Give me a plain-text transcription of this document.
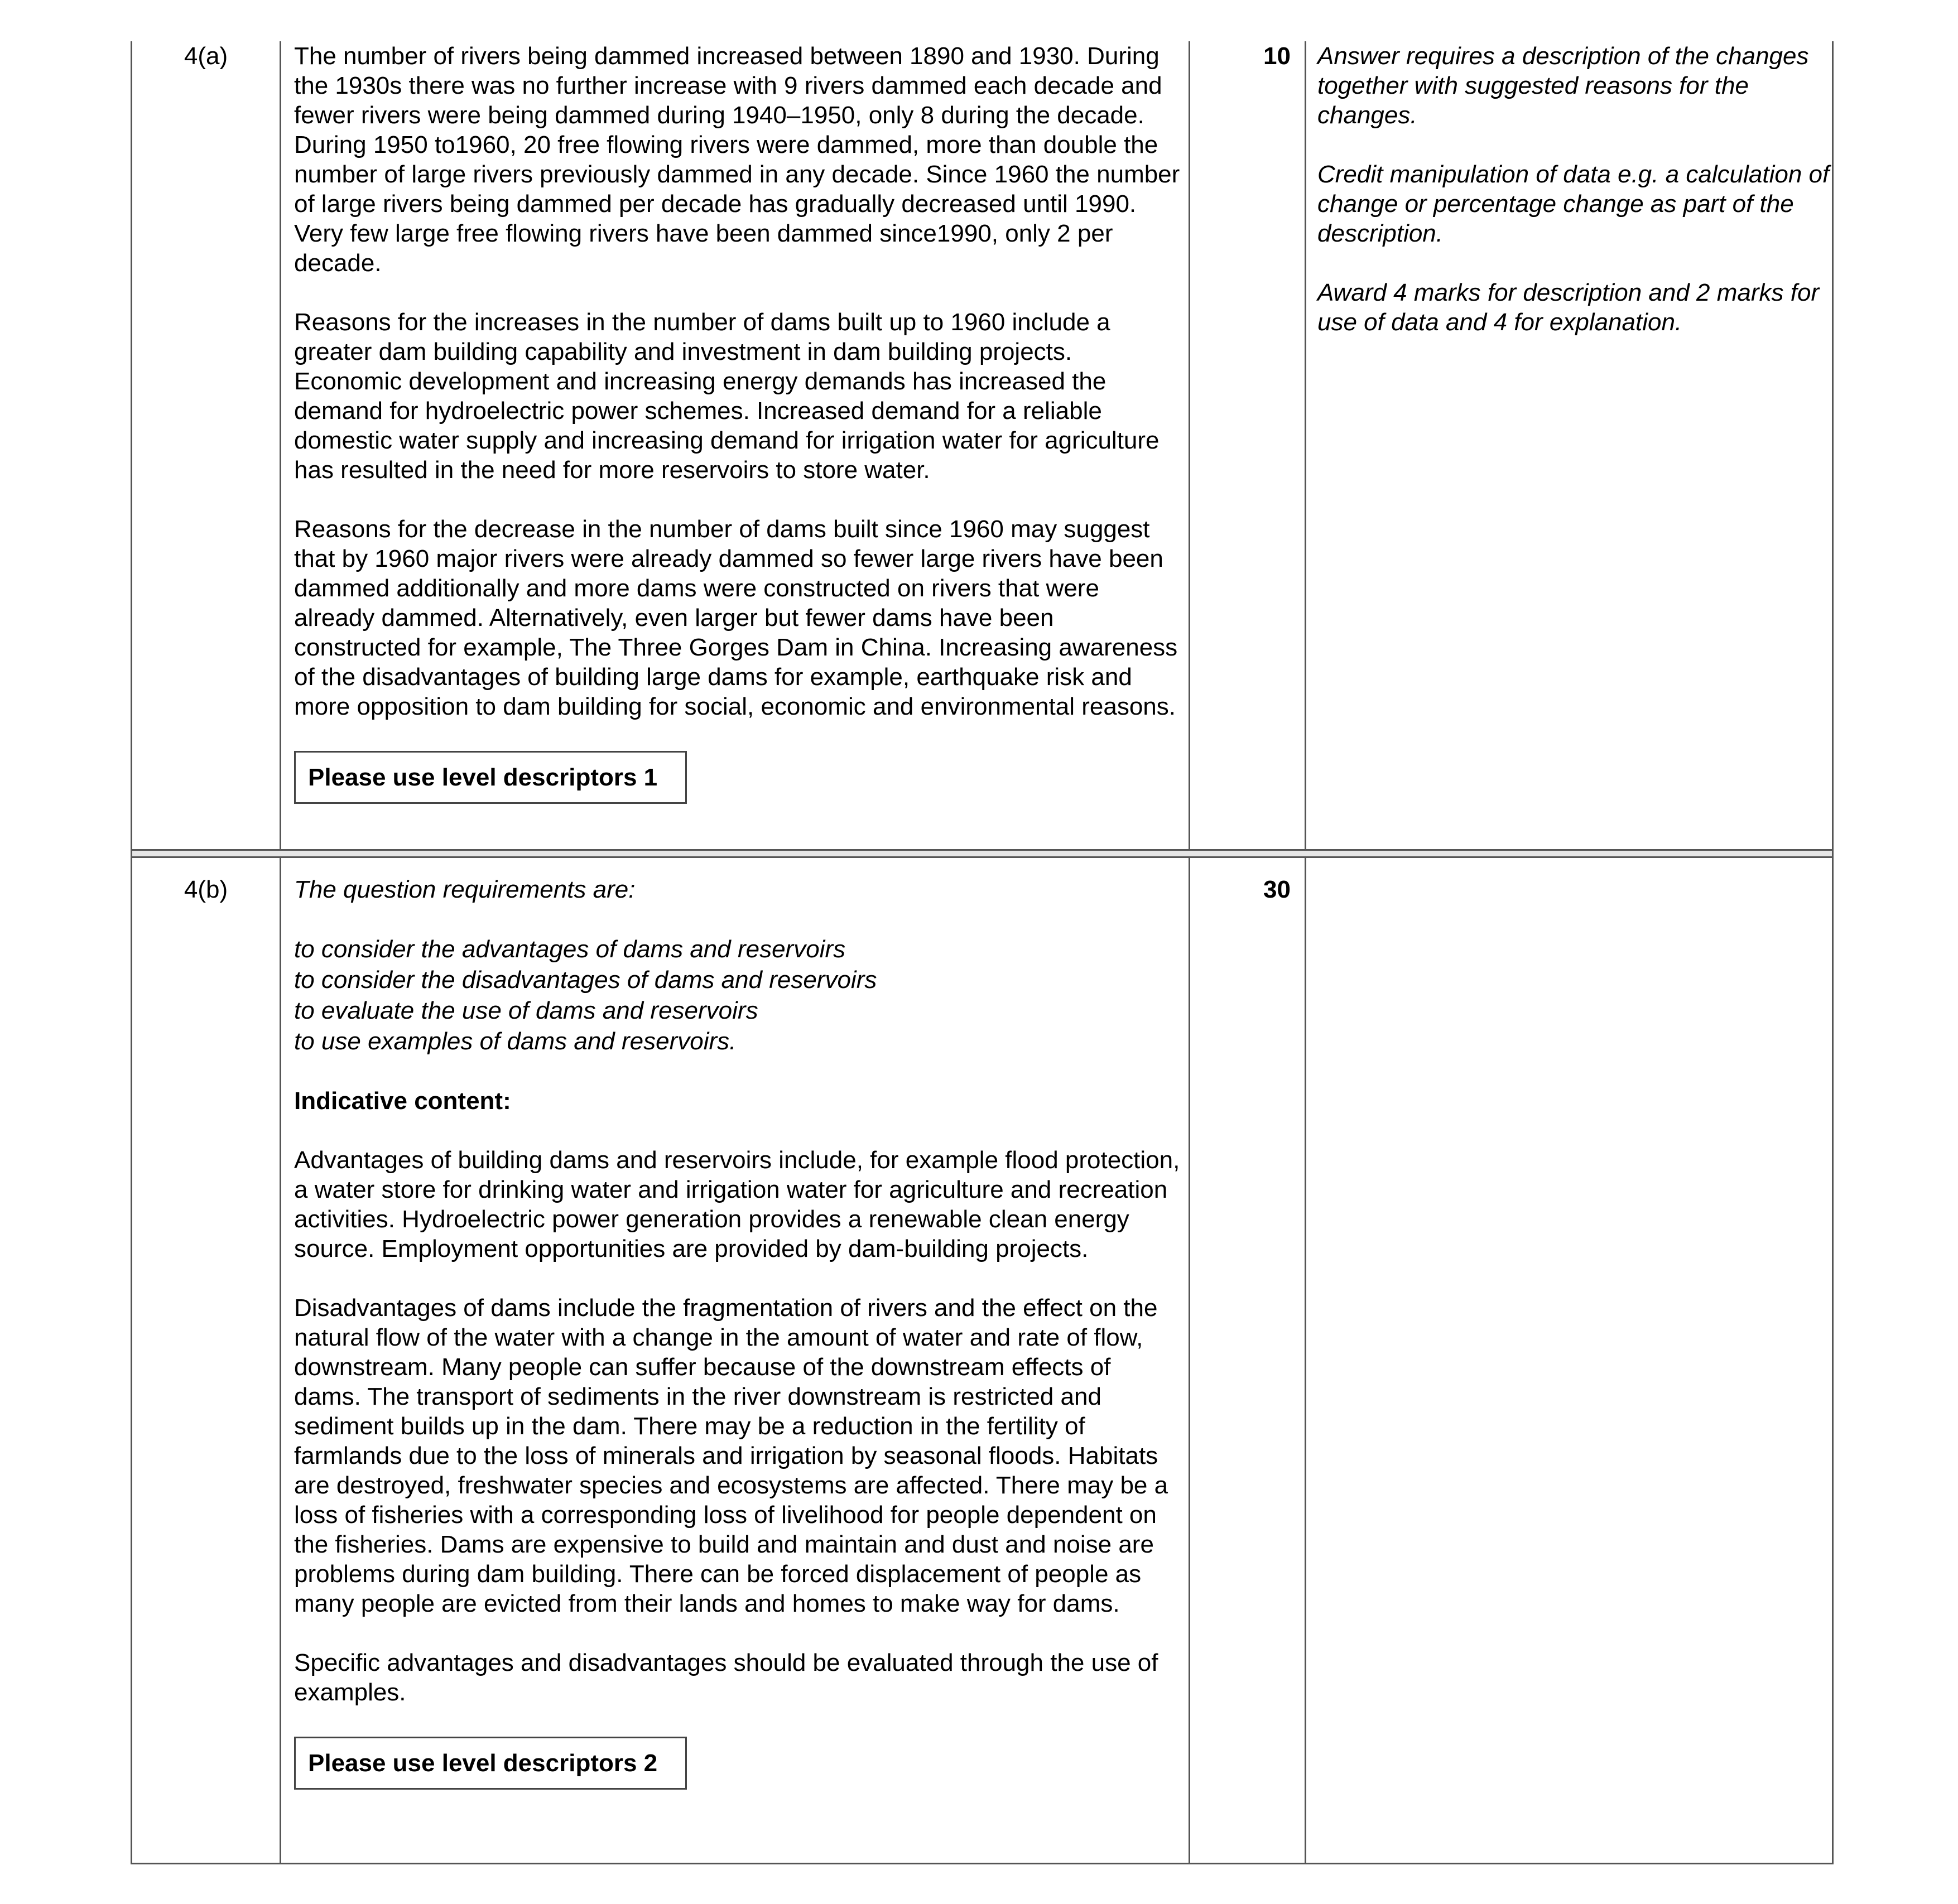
4(a)	The number of rivers being dammed increased between 1890 and 1930. During the 1930s there was no further increase with 9 rivers dammed each decade and fewer rivers were being dammed during 1940–1950, only 8 during the decade. During 1950 to1960, 20 free flowing rivers were dammed, more than double the number of large rivers previously dammed in any decade. Since 1960 the number of large rivers being dammed per decade has gradually decreased until 1990. Very few large free flowing rivers have been dammed since1990, only 2 per decade.

Reasons for the increases in the number of dams built up to 1960 include a greater dam building capability and investment in dam building projects. Economic development and increasing energy demands has increased the demand for hydroelectric power schemes. Increased demand for a reliable domestic water supply and increasing demand for irrigation water for agriculture has resulted in the need for more reservoirs to store water.

Reasons for the decrease in the number of dams built since 1960 may suggest that by 1960 major rivers were already dammed so fewer large rivers have been dammed additionally and more dams were constructed on rivers that were already dammed. Alternatively, even larger but fewer dams have been constructed for example, The Three Gorges Dam in China. Increasing awareness of the disadvantages of building large dams for example, earthquake risk and more opposition to dam building for social, economic and environmental reasons.

Please use level descriptors 1
10 Answer requires a description of the changes together with suggested reasons for the changes.

Credit manipulation of data e.g. a calculation of change or percentage change as part of the description.

Award 4 marks for description and 2 marks for use of data and 4 for explanation.

4(b)	The question requirements are:

to consider the advantages of dams and reservoirs
to consider the disadvantages of dams and reservoirs
to evaluate the use of dams and reservoirs
to use examples of dams and reservoirs.

Indicative content:

Advantages of building dams and reservoirs include, for example flood protection, a water store for drinking water and irrigation water for agriculture and recreation activities. Hydroelectric power generation provides a renewable clean energy source. Employment opportunities are provided by dam-building projects.

Disadvantages of dams include the fragmentation of rivers and the effect on the natural flow of the water with a change in the amount of water and rate of flow, downstream. Many people can suffer because of the downstream effects of dams. The transport of sediments in the river downstream is restricted and sediment builds up in the dam. There may be a reduction in the fertility of farmlands due to the loss of minerals and irrigation by seasonal floods. Habitats are destroyed, freshwater species and ecosystems are affected. There may be a loss of fisheries with a corresponding loss of livelihood for people dependent on the fisheries. Dams are expensive to build and maintain and dust and noise are problems during dam building. There can be forced displacement of people as many people are evicted from their lands and homes to make way for dams.

Specific advantages and disadvantages should be evaluated through the use of examples.

Please use level descriptors 2
30
